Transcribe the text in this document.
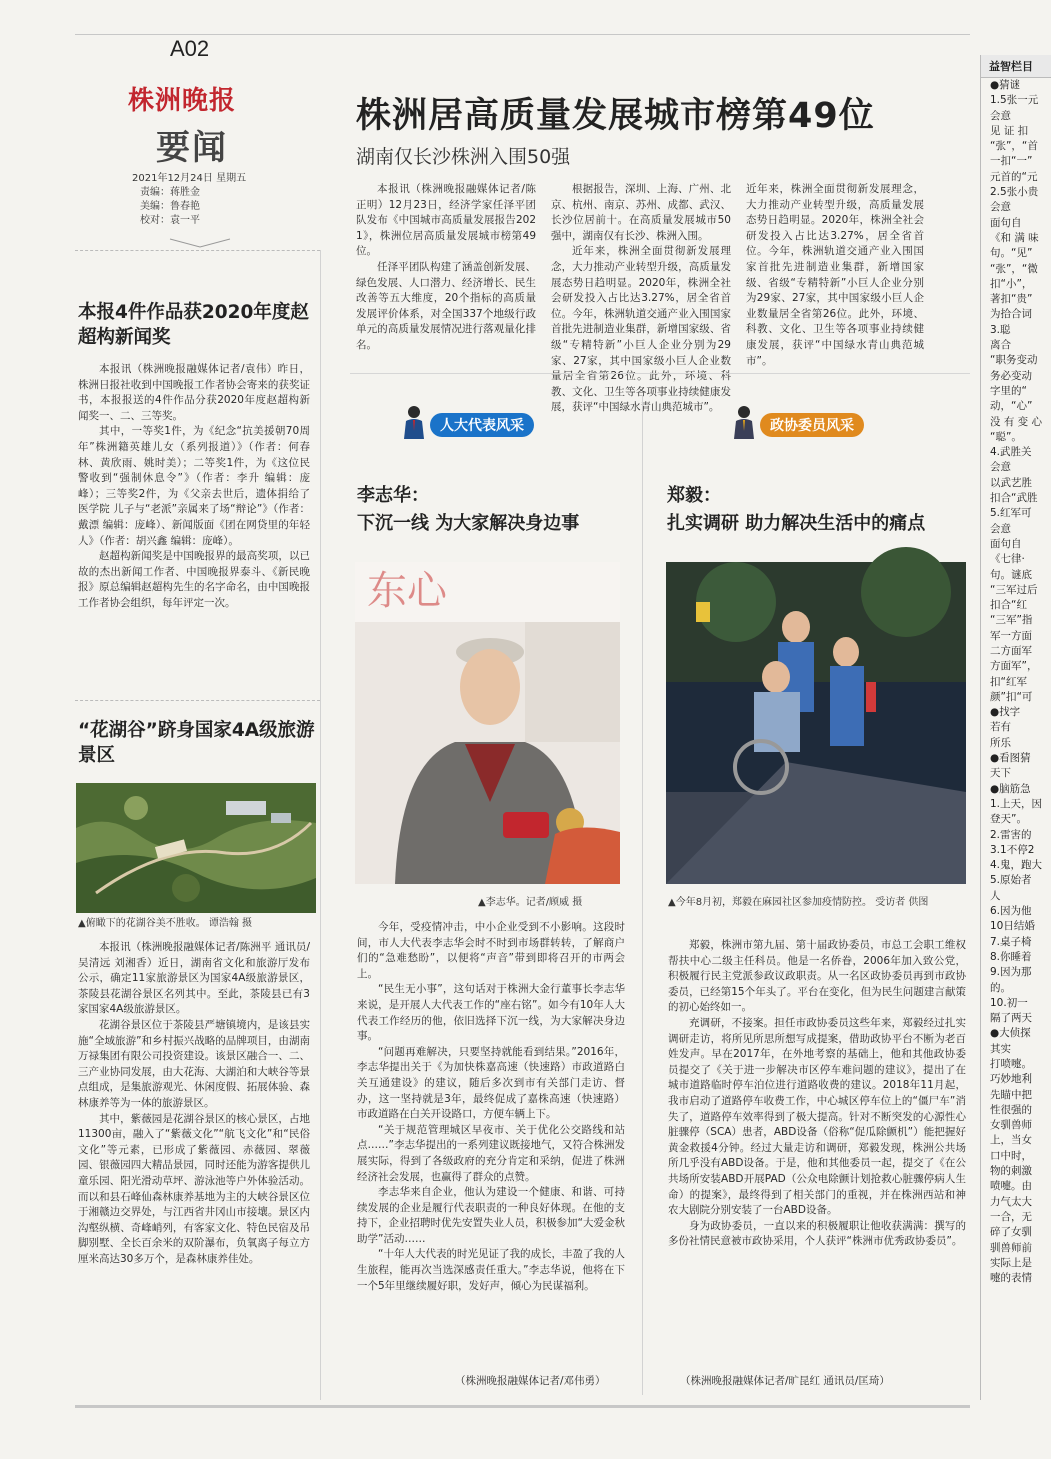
A02
株洲晚报
要闻
2021年12月24日 星期五
责编：蒋胜金
美编：鲁春艳
校对：袁一平
株洲居高质量发展城市榜第49位
湖南仅长沙株洲入围50强

本报讯（株洲晚报融媒体记者/陈正明）12月23日，经济学家任泽平团队发布《中国城市高质量发展报告2021》，株洲位居高质量发展城市榜第49位。

任泽平团队构建了涵盖创新发展、绿色发展、人口潜力、经济增长、民生改善等五大维度，20个指标的高质量发展评价体系，对全国337个地级行政单元的高质量发展情况进行落观量化排名。

根据报告，深圳、上海、广州、北京、杭州、南京、苏州、成都、武汉、长沙位居前十。在高质量发展城市50强中，湖南仅有长沙、株洲入围。

近年来，株洲全面贯彻新发展理念，大力推动产业转型升级，高质量发展态势日趋明显。2020年，株洲全社会研发投入占比达3.27%，居全省首位。今年，株洲轨道交通产业入围国家首批先进制造业集群，新增国家级、省级“专精特新”小巨人企业分别为29家、27家，其中国家级小巨人企业数量居全省第26位。此外，环境、科教、文化、卫生等各项事业持续健康发展，获评“中国绿水青山典范城市”。

近年来，株洲全面贯彻新发展理念，大力推动产业转型升级，高质量发展态势日趋明显。2020年，株洲全社会研发投入占比达3.27%，居全省首位。今年，株洲轨道交通产业入围国家首批先进制造业集群，新增国家级、省级“专精特新”小巨人企业分别为29家、27家，其中国家级小巨人企业数量居全省第26位。此外，环境、科教、文化、卫生等各项事业持续健康发展，获评“中国绿水青山典范城市”。

本报4件作品获2020年度赵超构新闻奖

本报讯（株洲晚报融媒体记者/袁伟）昨日，株洲日报社收到中国晚报工作者协会寄来的获奖证书，本报报送的4件作品分获2020年度赵超构新闻奖一、二、三等奖。

其中，一等奖1件，为《纪念“抗美援朝70周年”株洲籍英雄儿女（系列报道）》（作者：何春林、黄欣雨、姚时美）；二等奖1件，为《这位民警收到“强制休息令”》（作者：李升 编辑：庞峰）；三等奖2件，为《父亲去世后，遗体捐给了医学院 儿子与“老派”亲属来了场“辩论”》（作者：戴漂 编辑：庞峰）、新闻版面《团在网贷里的年轻人》（作者：胡兴鑫 编辑：庞峰）。

赵超构新闻奖是中国晚报界的最高奖项，以已故的杰出新闻工作者、中国晚报界泰斗、《新民晚报》原总编辑赵超构先生的名字命名，由中国晚报工作者协会组织，每年评定一次。

“花湖谷”跻身国家4A级旅游景区
▲俯瞰下的花湖谷美不胜收。 谭浩翰 摄

本报讯（株洲晚报融媒体记者/陈洲平 通讯员/吴清远 刘湘香）近日，湖南省文化和旅游厅发布公示，确定11家旅游景区为国家4A级旅游景区，茶陵县花湖谷景区名列其中。至此，茶陵县已有3家国家4A级旅游景区。

花湖谷景区位于茶陵县严塘镇境内，是该县实施“全域旅游”和乡村振兴战略的品牌项目，由湖南万禄集团有限公司投资建设。该景区融合一、二、三产业协同发展，由大花海、大湖泊和大峡谷等景点组成，是集旅游观光、休闲度假、拓展体验、森林康养等为一体的旅游景区。

其中，紫薇园是花湖谷景区的核心景区，占地11300亩，融入了“紫薇文化”“航飞文化”和“民俗文化”等元素，已形成了紫薇园、赤薇园、翠薇园、银薇园四大精品景园，同时还能为游客提供儿童乐园、阳光滑动草坪、游泳池等户外体验活动。而以和县石峰仙森林康养基地为主的大峡谷景区位于湘赣边交界处，与江西省井冈山市接壤。景区内沟壑纵横、奇峰峭列，有客家文化、特色民宿及吊脚别墅、全长百余米的双阶瀑布，负氧离子每立方厘米高达30多万个，是森林康养佳处。

人大代表风采
李志华：
下沉一线 为大家解决身边事
东心
▲李志华。记者/顾威 摄

今年，受疫情冲击，中小企业受到不小影响。这段时间，市人大代表李志华会时不时到市场群转转，了解商户们的“急难愁盼”，以便将“声音”带到即将召开的市两会上。

“民生无小事”，这句话对于株洲大金行董事长李志华来说，是开展人大代表工作的“座右铭”。如今有10年人大代表工作经历的他，依旧选择下沉一线，为大家解决身边事。

“问题再难解决，只要坚持就能看到结果。”2016年，李志华提出关于《为加快株嘉高速（快速路）市政道路白关互通建设》的建议，随后多次到市有关部门走访、督办，这一坚持就是3年，最终促成了嘉株高速（快速路）市政道路在白关开设路口，方便车辆上下。

“关于规范管理城区早夜市、关于优化公交路线和站点……”李志华提出的一系列建议既接地气，又符合株洲发展实际，得到了各级政府的充分肯定和采纳，促进了株洲经济社会发展，也赢得了群众的点赞。

李志华来自企业，他认为建设一个健康、和谐、可持续发展的企业是履行代表职责的一种良好体现。在他的支持下，企业招聘时优先安置失业人员，积极参加“大爱金秋助学”活动……

“十年人大代表的时光见证了我的成长，丰盈了我的人生旅程，能再次当选深感责任重大。”李志华说，他将在下一个5年里继续履好职，发好声，倾心为民谋福利。

（株洲晚报融媒体记者/邓伟勇）
政协委员风采
郑毅：
扎实调研 助力解决生活中的痛点
▲今年8月初，郑毅在麻园社区参加疫情防控。 受访者 供图

郑毅，株洲市第九届、第十届政协委员，市总工会职工维权帮扶中心二级主任科员。他是一名侨眷，2006年加入致公党，积极履行民主党派参政议政职责。从一名区政协委员再到市政协委员，已经第15个年头了。平台在变化，但为民生问题建言献策的初心始终如一。

充调研，不接案。担任市政协委员这些年来，郑毅经过扎实调研走访，将所见所思所想写成提案，借助政协平台不断为老百姓发声。早在2017年，在外地考察的基础上，他和其他政协委员提交了《关于进一步解决市区停车难问题的建议》，提出了在城市道路临时停车泊位进行道路收费的建议。2018年11月起，我市启动了道路停车收费工作，中心城区停车位上的“僵尸车”消失了，道路停车效率得到了极大提高。针对不断突发的心源性心脏骤停（SCA）患者，ABD设备（俗称“促瓜除颤机”）能把握好黄金救援4分钟。经过大量走访和调研，郑毅发现，株洲公共场所几乎没有ABD设备。于是，他和其他委员一起，提交了《在公共场所安装ABD开展PAD（公众电除颤计划抢救心脏骤停病人生命）的提案》，最终得到了相关部门的重视，并在株洲西站和神农大剧院分别安装了一台ABD设备。

身为政协委员，一直以来的积极履职让他收获满满：撰写的多份社情民意被市政协采用，个人获评“株洲市优秀政协委员”。

（株洲晚报融媒体记者/旷昆红 通讯员/匡琦）
益智栏目
●猜谜
1.5张一元
会意
见 证 扣
“张”，“首
一扣“一”
元首的“元
2.5张小贵
会意
面句自
《和 满 味
句。“见”
“张”，“微
扣“小”，
著扣“贵”
为拾合词
3.聪
离合
“职务变动
务必变动
字里的“
动，“心”
没 有 变 心
“聪”。
4.武胜关
会意
以武艺胜
扣合“武胜
5.红军可
会意
面句自
《七律·
句。谜底
“三军过后
扣合“红
“三军”指
军一方面
二方面军
方面军”，
扣“红军
颜”扣“可
●找字
若有
所乐
●看图猜
天下
●脑筋急
1.上天，因
登天”。
2.雷害的
3.1不停2
4.鬼，跑大
5.原始者
人
6.因为他
10日结婚
7.桌子椅
8.你睡着
9.因为那
的。
10.初一
隔了两天
●大侦探
其实
打喷嚏。
巧妙地利
先瞄中把
性很强的
女驯兽师
上，当女
口中时，
物的刺激
喷嚏。由
力气太大
一合，无
碎了女驯
驯兽师前
实际上是
嚏的表情
